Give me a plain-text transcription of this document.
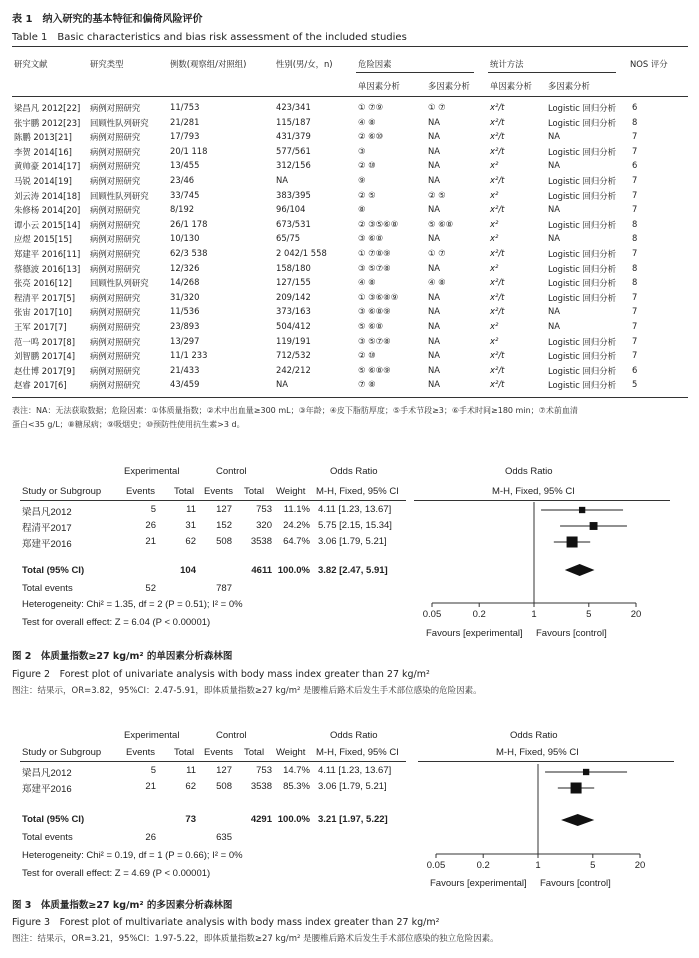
表 1　纳入研究的基本特征和偏倚风险评价
Table 1　Basic characteristics and bias risk assessment of the included studies
研究文献	研究类型	例数(观察组/对照组)	性别(男/女，n)	危险因素	统计方法	NOS 评分
单因素分析	多因素分析 单因素分析 多因素分析
梁昌凡 2012[22] 病例对照研究	11/753	423/341	① ⑦⑨	① ⑦	x²/t	Logistic 回归分析 6
张宇鹏 2012[23] 回顾性队列研究	21/281	115/187	④ ⑧	NA	x²/t	Logistic 回归分析 8
陈鹏 2013[21] 病例对照研究	17/793	431/379	② ⑥⑩	NA	x²/t	NA	7
李贺 2014[16] 病例对照研究	20/1 118	577/561	③	NA	x²/t	Logistic 回归分析 7
黄帅豪 2014[17] 病例对照研究	13/455	312/156	② ⑩	NA	x²	NA	6
马锐 2014[19] 病例对照研究	23/46	NA	⑨	NA	x²/t	Logistic 回归分析 7
刘云涛 2014[18] 回顾性队列研究	33/745	383/395	② ⑤	② ⑤	x²	Logistic 回归分析 7
朱修杨 2014[20] 病例对照研究	8/192	96/104	⑧	NA	x²/t	NA	7
谭小云 2015[14] 病例对照研究	26/1 178	673/531	② ③⑤⑥⑧	⑤ ⑥⑧	x²	Logistic 回归分析 8
应煜 2015[15] 病例对照研究	10/130	65/75	③ ⑥⑧	NA	x²	NA	8
郑建平 2016[11] 病例对照研究	62/3 538	2 042/1 558	① ⑦⑧⑨	① ⑦	x²/t	Logistic 回归分析 7
蔡德波 2016[13] 病例对照研究	12/326	158/180	③ ⑤⑦⑧	NA	x²	Logistic 回归分析 8
张亮 2016[12] 回顾性队列研究	14/268	127/155	④ ⑧	④ ⑧	x²/t	Logistic 回归分析 8
程清平 2017[5] 病例对照研究	31/320	209/142	① ③⑥⑧⑨	NA	x²/t	Logistic 回归分析 7
张宙 2017[10] 病例对照研究	11/536	373/163	③ ⑥⑧⑨	NA	x²/t	NA	7
王军 2017[7]	病例对照研究	23/893	504/412	⑤ ⑥⑧	NA	x²	NA	7
范一鸣 2017[8] 病例对照研究	13/297	119/191	③ ⑤⑦⑧	NA	x²	Logistic 回归分析 7
刘智鹏 2017[4] 病例对照研究	11/1 233	712/532	② ⑩	NA	x²/t	Logistic 回归分析 7
赵仕博 2017[9] 病例对照研究	21/433	242/212	⑤ ⑥⑧⑨	NA	x²/t	Logistic 回归分析 6
赵睿 2017[6]	病例对照研究	43/459	NA	⑦ ⑧	NA	x²/t	Logistic 回归分析 5
表注：NA：无法获取数据；危险因素：①体质量指数；②术中出血量≥300 mL；③年龄；④皮下脂肪厚度；⑤手术节段≥3；⑥手术时间≥180 min；⑦术前血清
蛋白<35 g/L；⑧糖尿病；⑨吸烟史；⑩预防性使用抗生素>3 d。
Experimental	Control	Odds Ratio	Odds Ratio
Study or Subgroup	Events Total Events Total Weight M-H, Fixed, 95% CI	M-H, Fixed, 95% CI
梁昌凡2012	5	11	127	753	11.1% 4.11 [1.23, 13.67]
程清平2017	26	31	152	320	24.2% 5.75 [2.15, 15.34]
郑建平2016	21	62	508	3538	64.7% 3.06 [1.79, 5.21]
Total (95% CI)	104	4611 100.0% 3.82 [2.47, 5.91]
Total events	52	787
Heterogeneity: Chi² = 1.35, df = 2 (P = 0.51); I² = 0%
Test for overall effect: Z = 6.04 (P < 0.00001)
0.05	0.2	1	5	20
Favours [experimental] Favours [control]
图 2　体质量指数≥27 kg/m² 的单因素分析森林图
Figure 2　Forest plot of univariate analysis with body mass index greater than 27 kg/m²
图注：结果示，OR=3.82，95%CI：2.47-5.91，即体质量指数≥27 kg/m² 是腰椎后路术后发生手术部位感染的危险因素。
Experimental	Control	Odds Ratio	Odds Ratio
Study or Subgroup	Events Total Events Total Weight M-H, Fixed, 95% CI	M-H, Fixed, 95% CI
梁昌凡2012	5	11	127	753	14.7% 4.11 [1.23, 13.67]
郑建平2016	21	62	508	3538	85.3% 3.06 [1.79, 5.21]
Total (95% CI)	73	4291 100.0% 3.21 [1.97, 5.22]
Total events	26	635
Heterogeneity: Chi² = 0.19, df = 1 (P = 0.66); I² = 0%
Test for overall effect: Z = 4.69 (P < 0.00001)
0.05	0.2	1	5	20
Favours [experimental] Favours [control]
图 3　体质量指数≥27 kg/m² 的多因素分析森林图
Figure 3　Forest plot of multivariate analysis with body mass index greater than 27 kg/m²
图注：结果示，OR=3.21，95%CI：1.97-5.22，即体质量指数≥27 kg/m² 是腰椎后路术后发生手术部位感染的独立危险因素。
